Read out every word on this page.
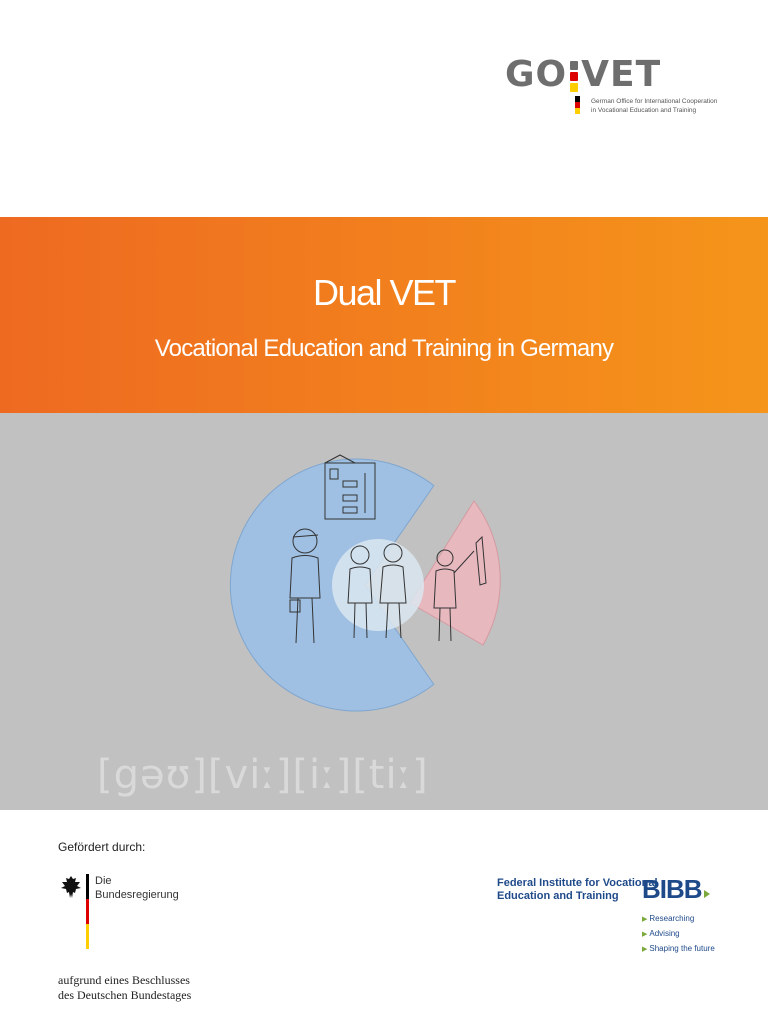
GO VET
German Office for International Cooperation
in Vocational Education and Training
Dual VET
Vocational Education and Training in Germany
[gəʊ][viː][iː][tiː]
Gefördert durch:
Die
Bundesregierung
aufgrund eines Beschlusses
des Deutschen Bundestages
Federal Institute for Vocational
Education and Training BIBB
▶ Researching
▶ Advising
▶ Shaping the future
